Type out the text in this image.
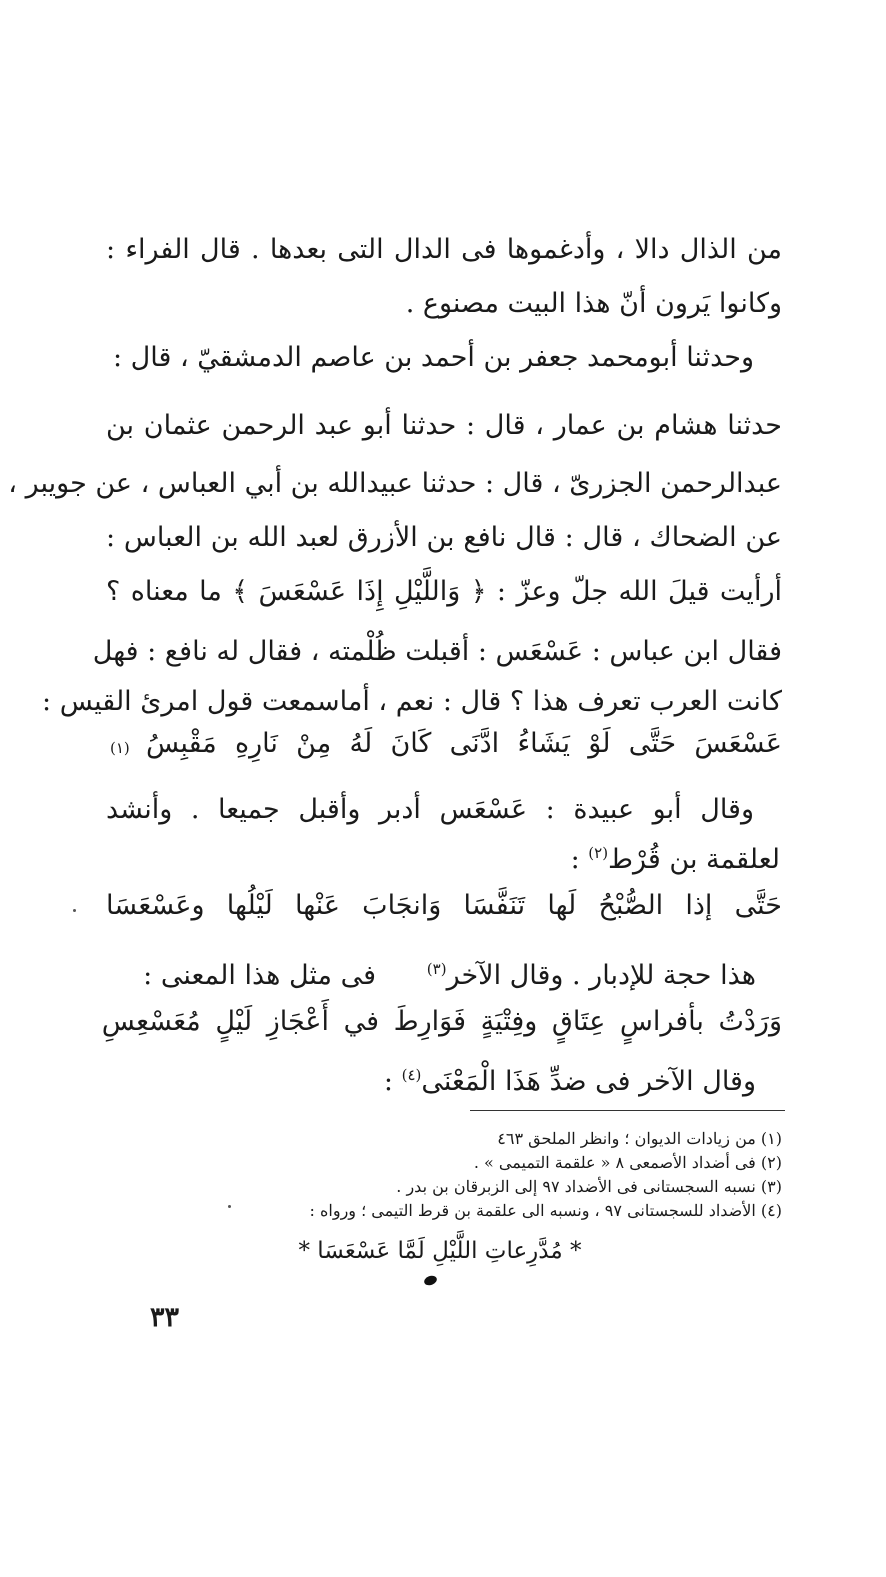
من الذال دالا ، وأدغموها فى الدال التى بعدها . قال الفراء :
وكانوا يَرون أنّ هذا البيت مصنوع .
وحدثنا أبومحمد جعفر بن أحمد بن عاصم الدمشقيّ ، قال :
حدثنا هشام بن عمار ، قال : حدثنا أبو عبد الرحمن عثمان بن
عبدالرحمن الجزرىّ ، قال : حدثنا عبيدالله بن أبي العباس ، عن جويبر ،
عن الضحاك ، قال : قال نافع بن الأزرق لعبد الله بن العباس :
أرأيت قيلَ الله جلّ وعزّ : ﴿ وَاللَّيْلِ إِذَا عَسْعَسَ ﴾ ما معناه ؟
فقال ابن عباس : عَسْعَس : أقبلت ظُلْمته ، فقال له نافع : فهل
كانت العرب تعرف هذا ؟ قال : نعم ، أماسمعت قول امرئ القيس :
عَسْعَسَ حَتَّى لَوْ يَشَاءُ ادَّنَى كَانَ لَهُ مِنْ نَارِهِ مَقْبِسُ
(١)
وقال أبو عبيدة : عَسْعَس أدبر وأقبل جميعا . وأنشد
لعلقمة بن قُرْط$^{(٢)}$ :
حَتَّى إذا الصُّبْحُ لَها تَنَفَّسَا وَانجَابَ عَنْها لَيْلُها وعَسْعَسَا
هذا حجة للإدبار . وقال الآخر$^{(٣)}$
فى مثل هذا المعنى :
وَرَدْتُ بأفراسٍ عِتَاقٍ وفِتْيَةٍ فَوَارِطَ في أَعْجَازِ لَيْلٍ مُعَسْعِسِ
وقال الآخر فى ضدِّ هَذَا الْمَعْنَى$^{(٤)}$ :
(١) من زيادات الديوان ؛ وانظر الملحق ٤٦٣
(٢) فى أضداد الأصمعى ٨ « علقمة التميمى » .
(٣) نسبه السجستانى فى الأضداد ٩٧ إلى الزبرقان بن بدر .
(٤) الأضداد للسجستانى ٩٧ ، ونسبه الى علقمة بن قرط التيمى ؛ ورواه :
* مُدَّرِعاتِ اللَّيْلِ لَمَّا عَسْعَسَا *
٣٣
